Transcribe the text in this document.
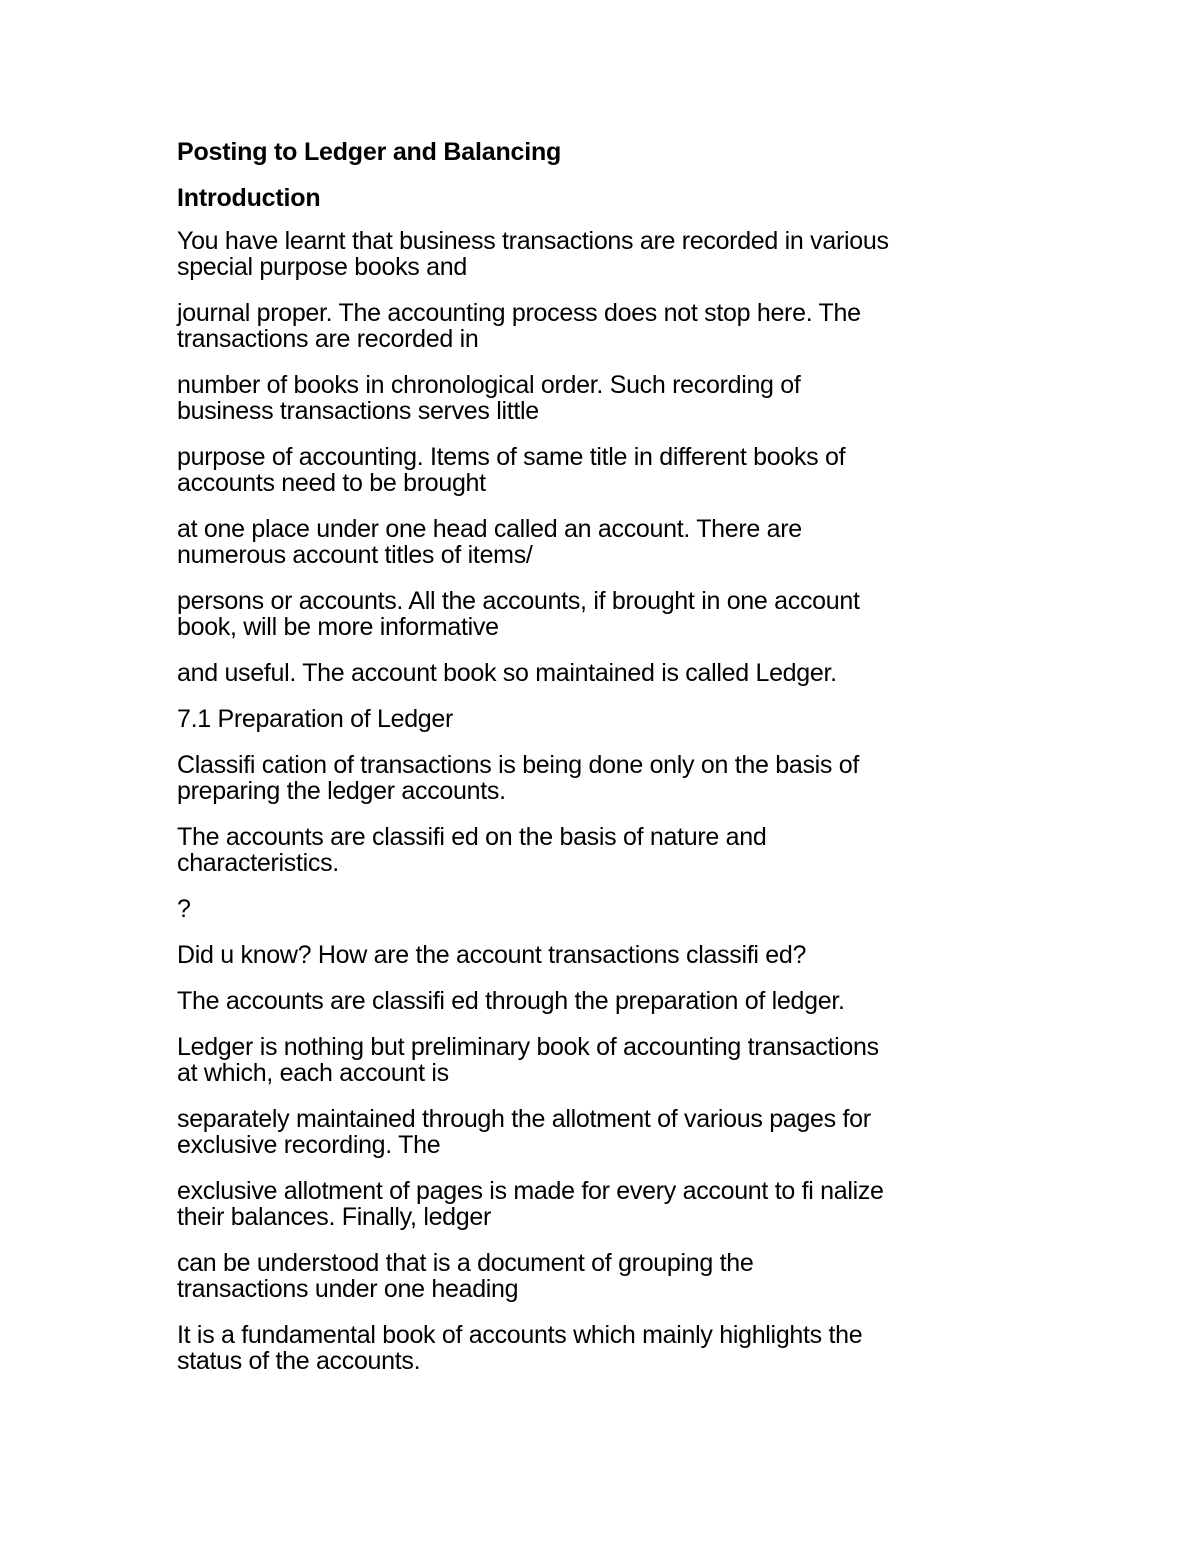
Posting to Ledger and Balancing
Introduction
You have learnt that business transactions are recorded in various
special purpose books and
journal proper. The accounting process does not stop here. The
transactions are recorded in
number of books in chronological order. Such recording of
business transactions serves little
purpose of accounting. Items of same title in different books of
accounts need to be brought
at one place under one head called an account. There are
numerous account titles of items/
persons or accounts. All the accounts, if brought in one account
book, will be more informative
and useful. The account book so maintained is called Ledger.
7.1 Preparation of Ledger
Classifi cation of transactions is being done only on the basis of
preparing the ledger accounts.
The accounts are classifi ed on the basis of nature and
characteristics.
?
Did u know? How are the account transactions classifi ed?
The accounts are classifi ed through the preparation of ledger.
Ledger is nothing but preliminary book of accounting transactions
at which, each account is
separately maintained through the allotment of various pages for
exclusive recording. The
exclusive allotment of pages is made for every account to fi nalize
their balances. Finally, ledger
can be understood that is a document of grouping the
transactions under one heading
It is a fundamental book of accounts which mainly highlights the
status of the accounts.
